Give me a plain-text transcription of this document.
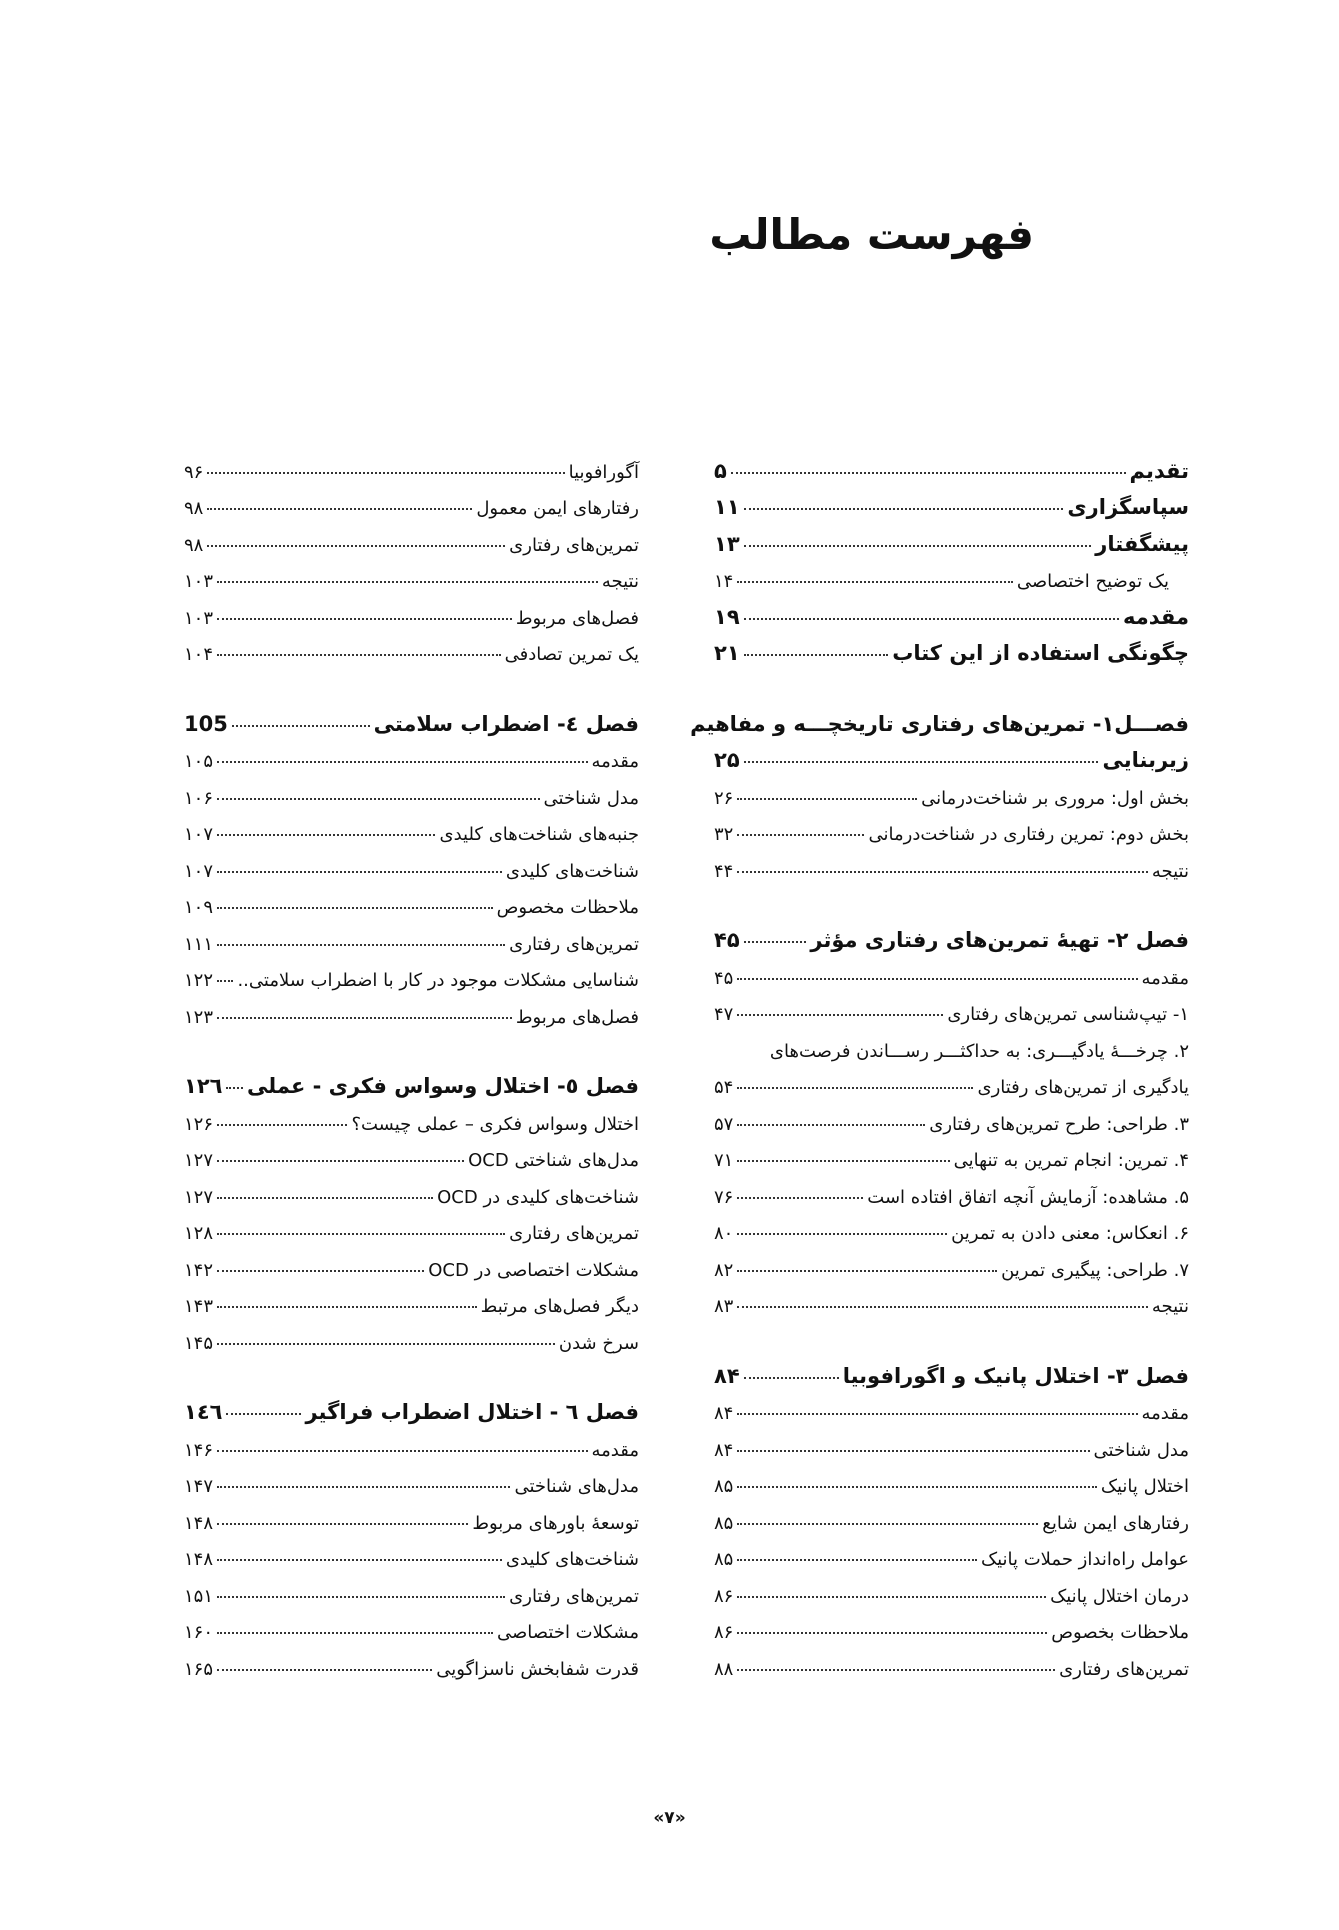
فهرست مطالب
تقدیم
۵
سپاسگزاری
۱۱
پیشگفتار
۱۳
یک توضیح اختصاصی
۱۴
مقدمه
۱۹
چگونگی استفاده از این کتاب
۲۱
فصـــل۱- تمرین‌های رفتاری تاریخچـــه و مفاهیم
زیربنایی
۲۵
بخش اول: مروری بر شناخت‌درمانی
۲۶
بخش دوم: تمرین رفتاری در شناخت‌درمانی
۳۲
نتیجه
۴۴
فصل ۲- تهیهٔ تمرین‌های رفتاری مؤثر
۴۵
مقدمه
۴۵
۱- تیپ‌شناسی تمرین‌های رفتاری
۴۷
۲. چرخـــهٔ یادگیـــری: به حداکثـــر رســـاندن فرصت‌های
یادگیری از تمرین‌های رفتاری
۵۴
۳. طراحی: طرح تمرین‌های رفتاری
۵۷
۴. تمرین: انجام تمرین به تنهایی
۷۱
۵. مشاهده: آزمایش آنچه اتفاق افتاده است
۷۶
۶. انعکاس: معنی دادن به تمرین
۸۰
۷. طراحی: پیگیری تمرین
۸۲
نتیجه
۸۳
فصل ۳- اختلال پانیک و اگورافوبیا
۸۴
مقدمه
۸۴
مدل شناختی
۸۴
اختلال پانیک
۸۵
رفتارهای ایمن شایع
۸۵
عوامل راه‌انداز حملات پانیک
۸۵
درمان اختلال پانیک
۸۶
ملاحظات بخصوص
۸۶
تمرین‌های رفتاری
۸۸
آگورافوبیا
۹۶
رفتارهای ایمن معمول
۹۸
تمرین‌های رفتاری
۹۸
نتیجه
۱۰۳
فصل‌های مربوط
۱۰۳
یک تمرین تصادفی
۱۰۴
فصل ٤- اضطراب سلامتی
105
مقدمه
۱۰۵
مدل شناختی
۱۰۶
جنبه‌های شناخت‌های کلیدی
۱۰۷
شناخت‌های کلیدی
۱۰۷
ملاحظات مخصوص
۱۰۹
تمرین‌های رفتاری
۱۱۱
شناسایی مشکلات موجود در کار با اضطراب سلامتی..
۱۲۲
فصل‌های مربوط
۱۲۳
فصل ٥- اختلال وسواس فکری - عملی
١٢٦
اختلال وسواس فکری – عملی چیست؟
۱۲۶
مدل‌های شناختی OCD
۱۲۷
شناخت‌های کلیدی در OCD
۱۲۷
تمرین‌های رفتاری
۱۲۸
مشکلات اختصاصی در OCD
۱۴۲
دیگر فصل‌های مرتبط
۱۴۳
سرخ شدن
۱۴۵
فصل ٦ - اختلال اضطراب فراگیر
١٤٦
مقدمه
۱۴۶
مدل‌های شناختی
۱۴۷
توسعهٔ باورهای مربوط
۱۴۸
شناخت‌های کلیدی
۱۴۸
تمرین‌های رفتاری
۱۵۱
مشکلات اختصاصی
۱۶۰
قدرت شفابخش ناسزاگویی
۱۶۵
«۷»
